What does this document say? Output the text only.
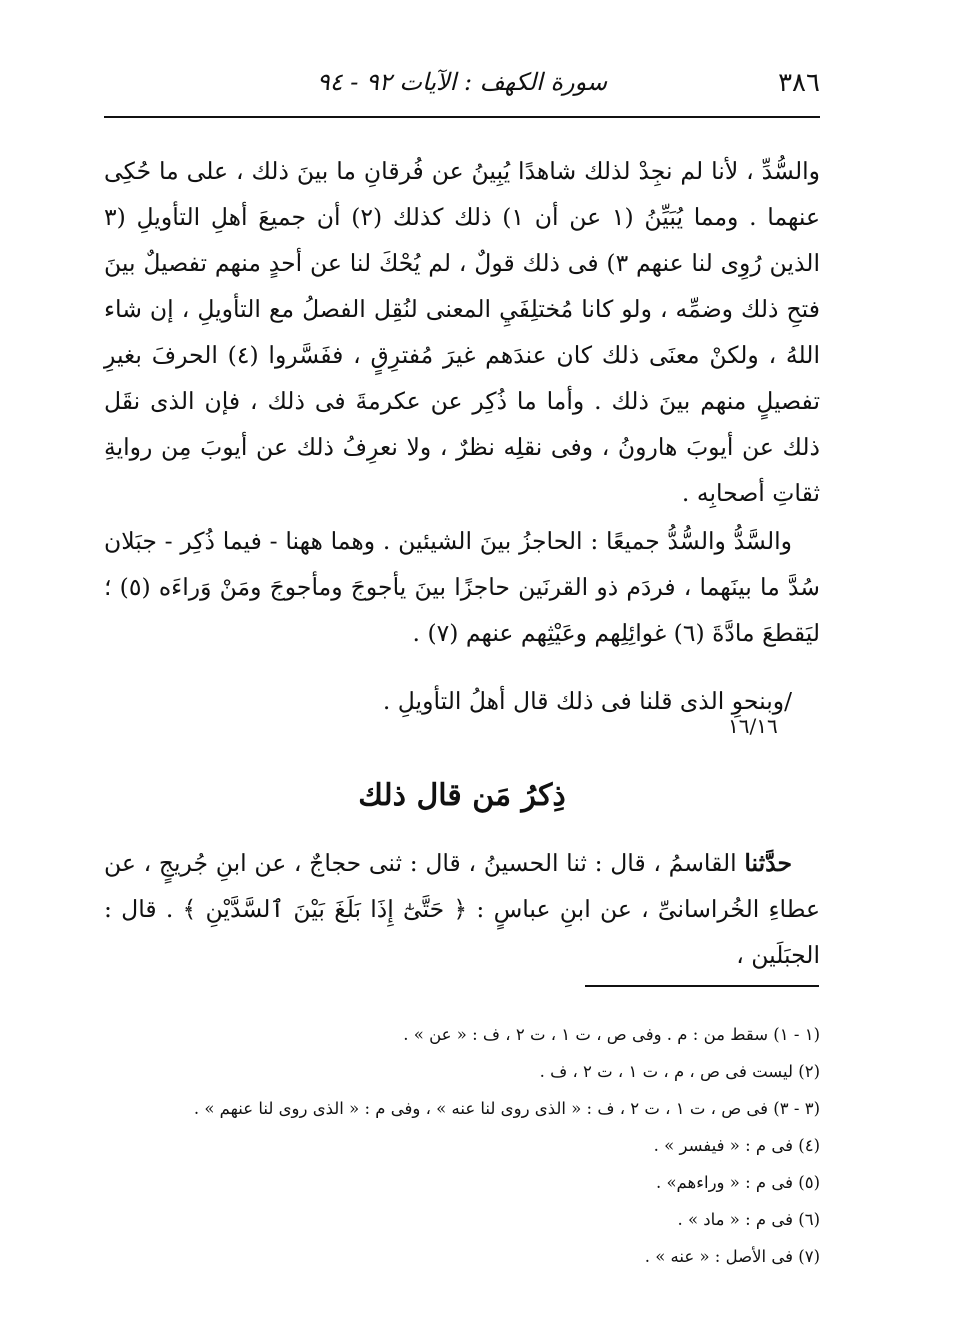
٣٨٦
سورة الكهف : الآيات ٩٢ - ٩٤

والسُّدِّ ، لأنا لم نجِدْ لذلك شاهدًا يُبِينُ عن فُرقانِ ما بينَ ذلك ، على ما حُكِى عنهما . ومما يُبَيِّنُ (١ عن أن ١) ذلك كذلك (٢) أن جميعَ أهلِ التأويلِ (٣ الذين رُوِى لنا عنهم ٣) فى ذلك قولٌ ، لم يُحْكَ لنا عن أحدٍ منهم تفصيلٌ بينَ فتحِ ذلك وضمِّه ، ولو كانا مُختلِفَيِ المعنى لنُقِل الفصلُ مع التأويلِ ، إن شاء اللهُ ، ولكنْ معنَى ذلك كان عندَهم غيرَ مُفترِقٍ ، ففَسَّروا (٤) الحرفَ بغيرِ تفصيلٍ منهم بينَ ذلك . وأما ما ذُكِر عن عكرمةَ فى ذلك ، فإن الذى نقَل ذلك عن أيوبَ هارونُ ، وفى نقلِه نظرٌ ، ولا نعرِفُ ذلك عن أيوبَ مِن روايةِ ثقاتِ أصحابِه .

والسَّدُّ والسُّدُّ جميعًا : الحاجزُ بينَ الشيئين . وهما ههنا - فيما ذُكِر - جبَلان سُدَّ ما بينَهما ، فردَم ذو القرنَين حاجزًا بينَ يأجوجَ ومأجوجَ ومَنْ وَراءَه (٥) ؛ ليَقطعَ مادَّةَ (٦) غوائِلِهم وعَيْثِهم عنهم (٧) .

/وبنحوِ الذى قلنا فى ذلك قال أهلُ التأويلِ .

١٦/١٦
ذِكرُ مَن قال ذلك

حدَّثنا القاسمُ ، قال : ثنا الحسينُ ، قال : ثنى حجاجٌ ، عن ابنِ جُريجٍ ، عن عطاءِ الخُراسانىِّ ، عن ابنِ عباسٍ : ﴿ حَتَّىٰٓ إِذَا بَلَغَ بَيْنَ ٱلسَّدَّيْنِ ﴾ . قال : الجبَلَين ،

(١ - ١) سقط من : م . وفى ص ، ت ١ ، ت ٢ ، ف : « عن » .
(٢) ليست فى ص ، م ، ت ١ ، ت ٢ ، ف .
(٣ - ٣) فى ص ، ت ١ ، ت ٢ ، ف : « الذى روى لنا عنه » ، وفى م : « الذى روى لنا عنهم » .
(٤) فى م : « فيفسر » .
(٥) فى م : « وراءهم» .
(٦) فى م : « ماد » .
(٧) فى الأصل : « عنه » .
